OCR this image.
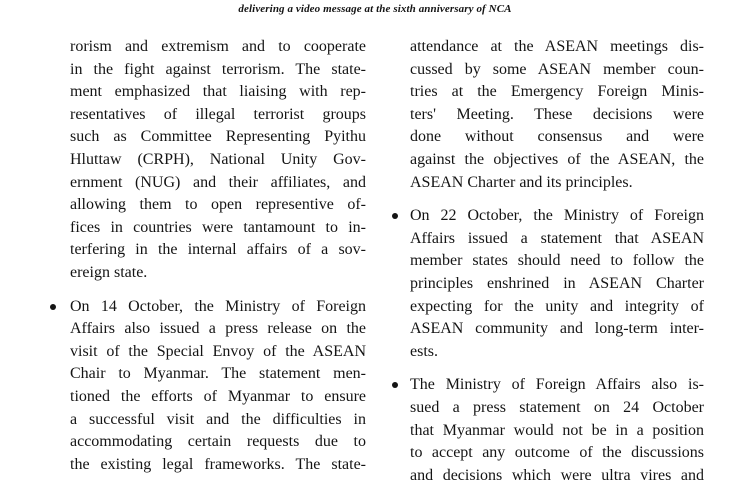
delivering a video message at the sixth anniversary of NCA

rorism and extremism and to cooperate
in the fight against terrorism. The state-
ment emphasized that liaising with rep-
resentatives of illegal terrorist groups
such as Committee Representing Pyithu
Hluttaw (CRPH), National Unity Gov-
ernment (NUG) and their affiliates, and
allowing them to open representive of-
fices in countries were tantamount to in-
terfering in the internal affairs of a sov-
ereign state.

On 14 October, the Ministry of Foreign
Affairs also issued a press release on the
visit of the Special Envoy of the ASEAN
Chair to Myanmar. The statement men-
tioned the efforts of Myanmar to ensure
a successful visit and the difficulties in
accommodating certain requests due to
the existing legal frameworks. The state-

attendance at the ASEAN meetings dis-
cussed by some ASEAN member coun-
tries at the Emergency Foreign Minis-
ters' Meeting. These decisions were
done without consensus and were
against the objectives of the ASEAN, the
ASEAN Charter and its principles.

On 22 October, the Ministry of Foreign
Affairs issued a statement that ASEAN
member states should need to follow the
principles enshrined in ASEAN Charter
expecting for the unity and integrity of
ASEAN community and long-term inter-
ests.

The Ministry of Foreign Affairs also is-
sued a press statement on 24 October
that Myanmar would not be in a position
to accept any outcome of the discussions
and decisions which were ultra vires and
